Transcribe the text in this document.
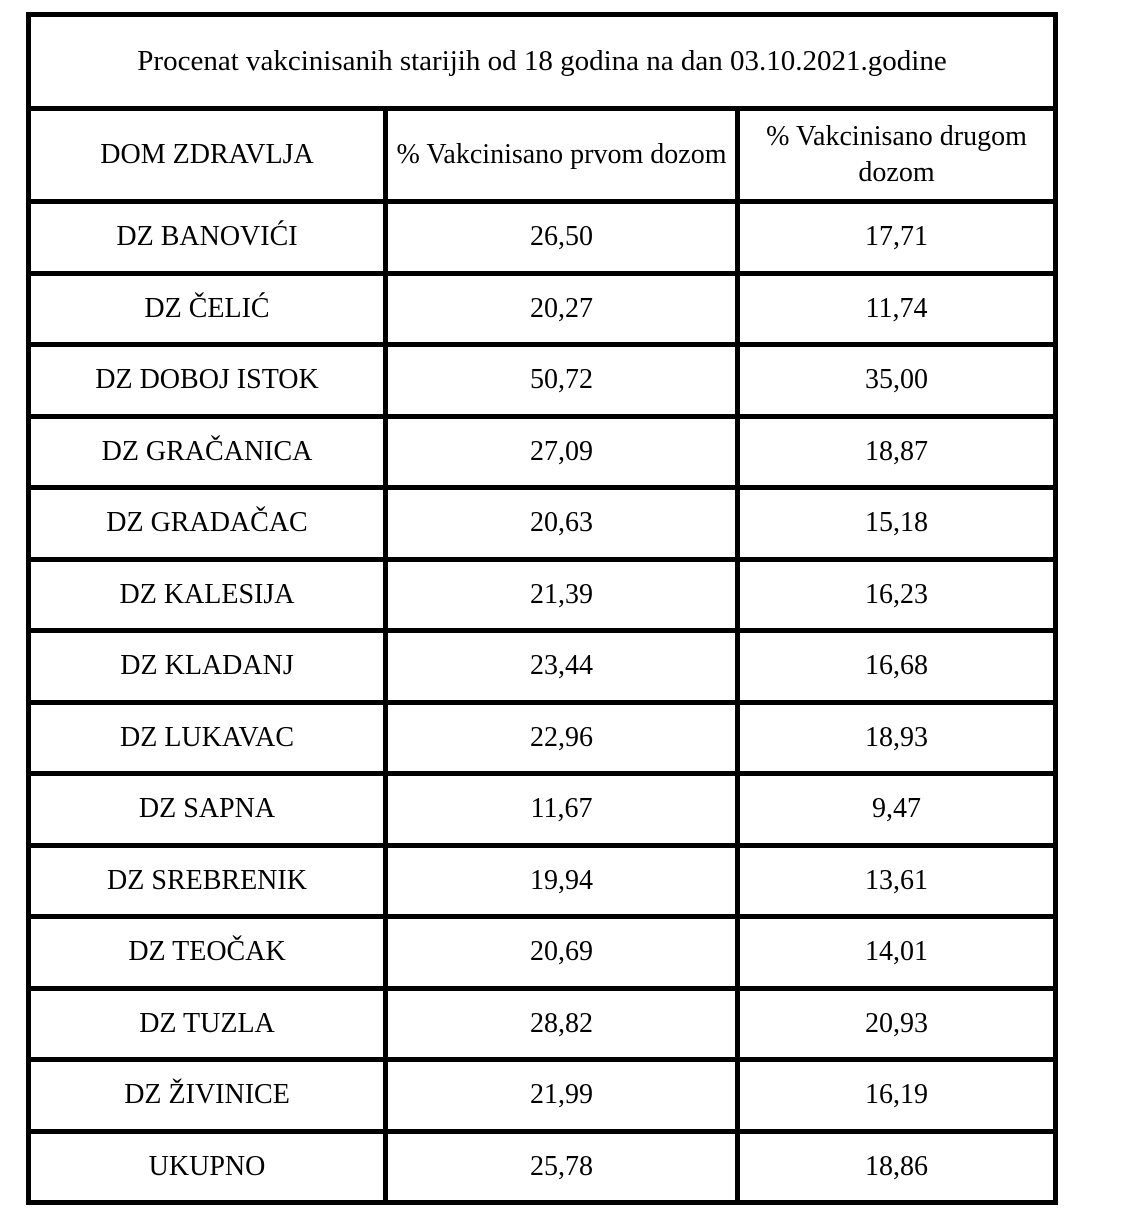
Procenat vakcinisanih starijih od 18 godina na dan 03.10.2021.godine		
DOM ZDRAVLJA	% Vakcinisano prvom dozom	% Vakcinisano drugom dozom
DZ BANOVIĆI	26,50	17,71
DZ ČELIĆ	20,27	11,74
DZ DOBOJ ISTOK	50,72	35,00
DZ GRAČANICA	27,09	18,87
DZ GRADAČAC	20,63	15,18
DZ KALESIJA	21,39	16,23
DZ KLADANJ	23,44	16,68
DZ LUKAVAC	22,96	18,93
DZ SAPNA	11,67	9,47
DZ SREBRENIK	19,94	13,61
DZ TEOČAK	20,69	14,01
DZ TUZLA	28,82	20,93
DZ ŽIVINICE	21,99	16,19
UKUPNO	25,78	18,86
